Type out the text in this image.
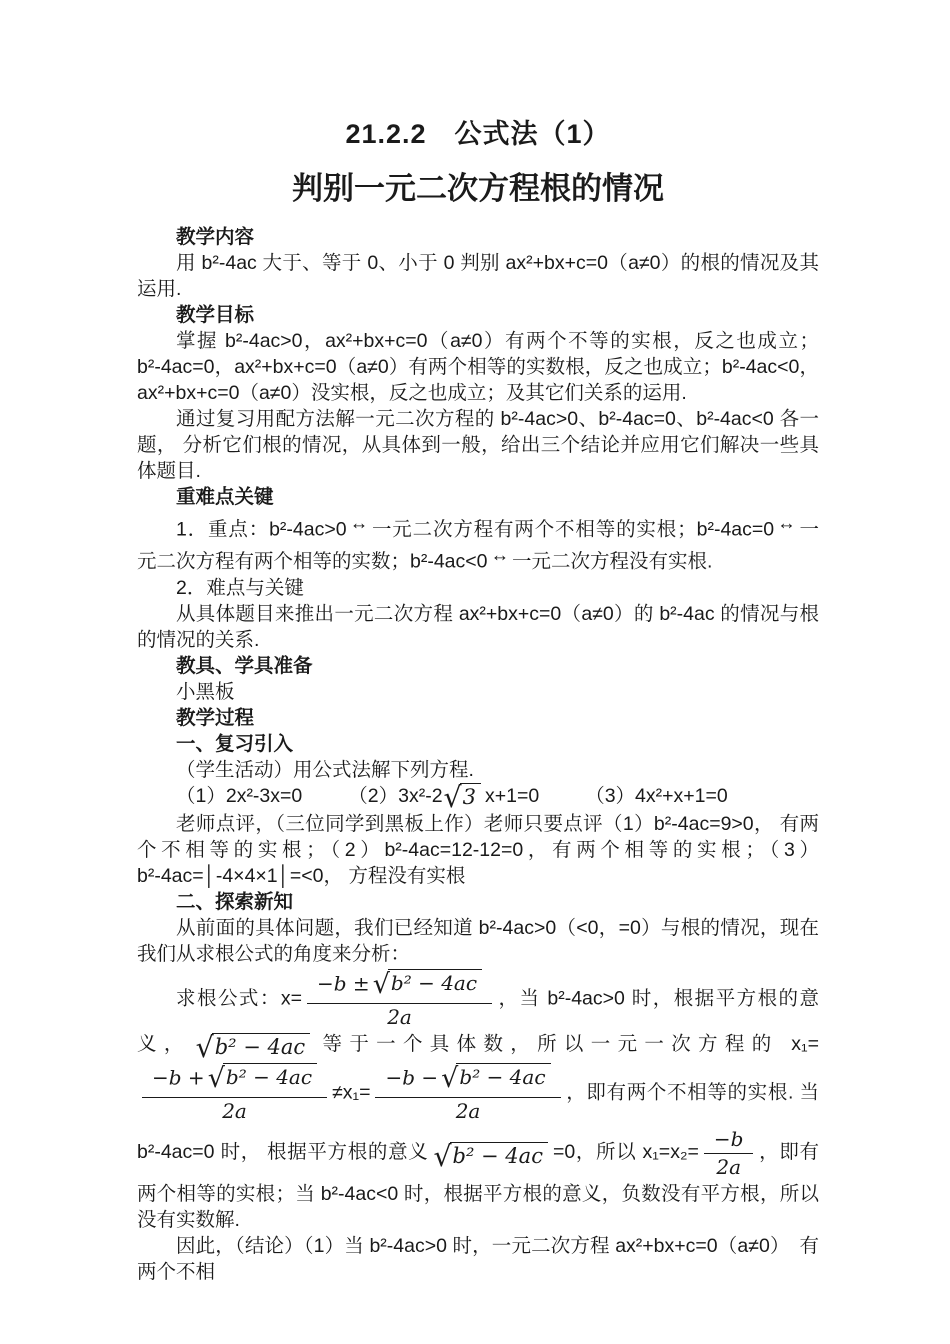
21.2.2　公式法（1）
判别一元二次方程根的情况

教学内容

用 b²-4ac 大于、等于 0、小于 0 判别 ax²+bx+c=0（a≠0）的根的情况及其运用.

教学目标

掌握 b²-4ac>0，ax²+bx+c=0（a≠0）有两个不等的实根，反之也成立；b²-4ac=0，ax²+bx+c=0（a≠0）有两个相等的实数根，反之也成立；b²-4ac<0，ax²+bx+c=0（a≠0）没实根，反之也成立；及其它们关系的运用.

通过复习用配方法解一元二次方程的 b²-4ac>0、b²-4ac=0、b²-4ac<0 各一题， 分析它们根的情况，从具体到一般，给出三个结论并应用它们解决一些具体题目.

重难点关键

1．重点：b²-4ac>0 ↔ 一元二次方程有两个不相等的实根；b²-4ac=0 ↔ 一元二次方程有两个相等的实数；b²-4ac<0 ↔ 一元二次方程没有实根.

2．难点与关键

从具体题目来推出一元二次方程 ax²+bx+c=0（a≠0）的 b²-4ac 的情况与根的情况的关系.

教具、学具准备

小黑板

教学过程

一、复习引入

（学生活动）用公式法解下列方程.

（1）2x²-3x=0 （2）3x²-2√ 3 x+1=0 （3）4x²+x+1=0

老师点评，（三位同学到黑板上作）老师只要点评（1）b²-4ac=9>0， 有两个不相等的实根；（2）b²-4ac=12-12=0，有两个相等的实根；（3）b²-4ac=│-4×4×1│=<0， 方程没有实根

二、探索新知

从前面的具体问题，我们已经知道 b²-4ac>0（<0，=0）与根的情况，现在我们从求根公式的角度来分析：

求根公式：$x= \frac{\text{−b ± √ b² − 4ac}}{2a}$ ，当 b²-4ac>0 时，根据平方根的意义， √ b² − 4ac 等于一个具体数，所以一元一次方程的 x₁=
$\frac{\text{−b + √ b² − 4ac}}{2a} \ne x_1= \frac{\text{−b − √ b² − 4ac}}{2a}$ ，即有两个不相等的实根. 当 b²-4ac=0 时， 根据平方根的意义 √ b² − 4ac =0，所以 $x_1=x_2= \frac{-b}{2a}$ ，即有两个相等的实根；当 b²-4ac<0 时，根据平方根的意义，负数没有平方根，所以没有实数解.

因此，（结论）（1）当 b²-4ac>0 时，一元二次方程 ax²+bx+c=0（a≠0）　有两个不相
